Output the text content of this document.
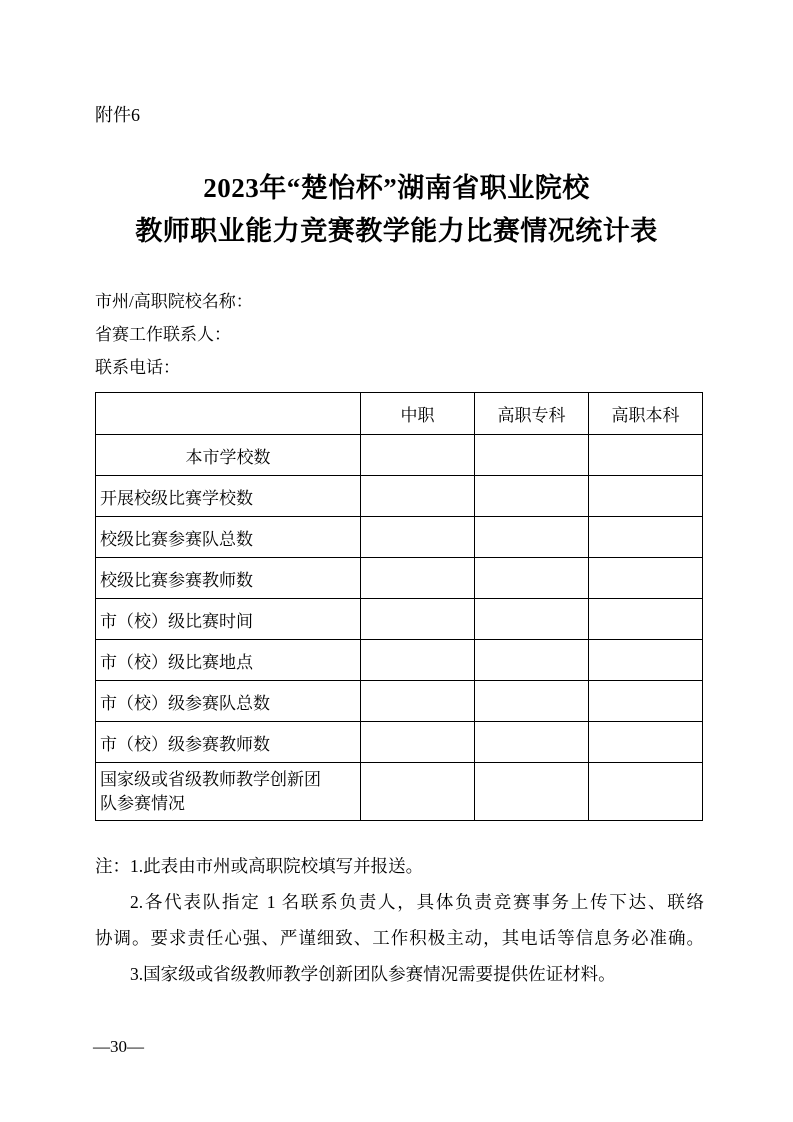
附件6
2023年“楚怡杯”湖南省职业院校
教师职业能力竞赛教学能力比赛情况统计表
市州/高职院校名称：
省赛工作联系人：
联系电话：
	中职	高职专科	高职本科
本市学校数			
开展校级比赛学校数			
校级比赛参赛队总数			
校级比赛参赛教师数			
市（校）级比赛时间			
市（校）级比赛地点			
市（校）级参赛队总数			
市（校）级参赛教师数			
国家级或省级教师教学创新团队参赛情况			

注：1.此表由市州或高职院校填写并报送。

2.各代表队指定 1 名联系负责人，具体负责竞赛事务上传下达、联络

协调。要求责任心强、严谨细致、工作积极主动，其电话等信息务必准确。

3.国家级或省级教师教学创新团队参赛情况需要提供佐证材料。

—30—
